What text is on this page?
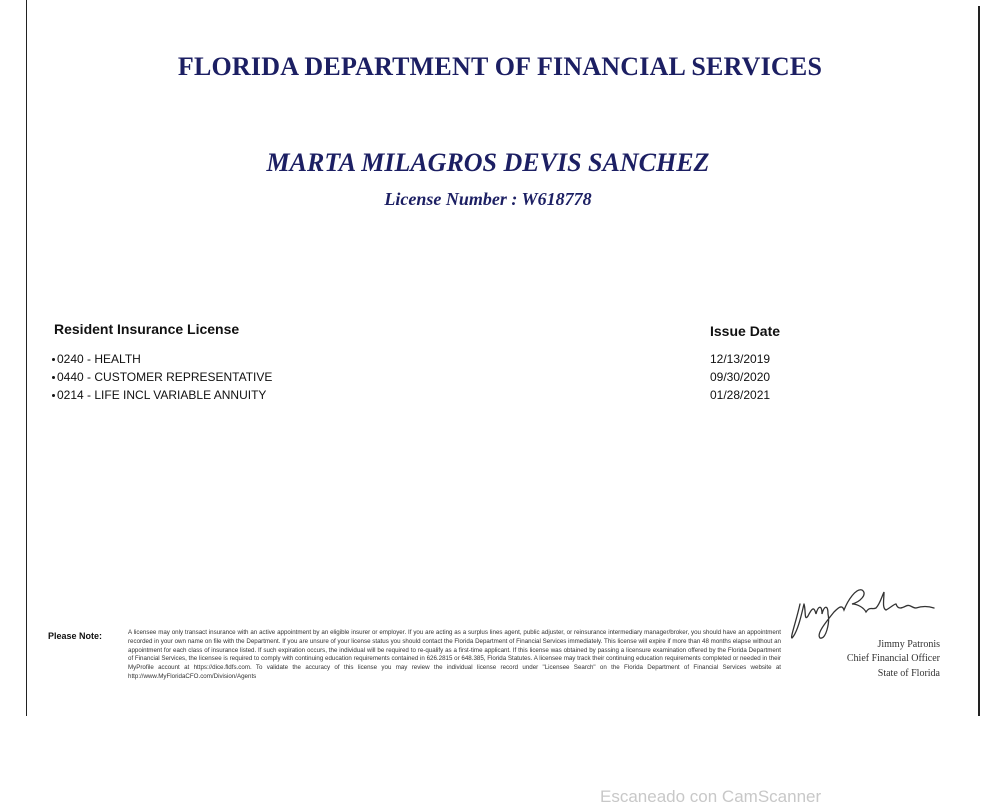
FLORIDA DEPARTMENT OF FINANCIAL SERVICES
MARTA MILAGROS DEVIS SANCHEZ
License Number : W618778
Resident Insurance License	Issue Date
0240 - HEALTH
0440 - CUSTOMER REPRESENTATIVE
0214 - LIFE INCL VARIABLE ANNUITY
12/13/2019
09/30/2020
01/28/2021
Please Note:	A licensee may only transact insurance with an active appointment by an eligible insurer or employer. If you are acting as a surplus lines agent, public adjuster, or reinsurance intermediary manager/broker, you should have an appointment recorded in your own name on file with the Department. If you are unsure of your license status you should contact the Florida Department of Financial Services immediately. This license will expire if more than 48 months elapse without an appointment for each class of insurance listed. If such expiration occurs, the individual will be required to re-qualify as a first-time applicant. If this license was obtained by passing a licensure examination offered by the Florida Department of Financial Services, the licensee is required to comply with continuing education requirements contained in 626.2815 or 648.385, Florida Statutes. A licensee may track their continuing education requirements completed or needed in their MyProfile account at https://dice.fldfs.com. To validate the accuracy of this license you may review the individual license record under "Licensee Search" on the Florida Department of Financial Services website at http://www.MyFloridaCFO.com/Division/Agents
Jimmy Patronis
Chief Financial Officer
State of Florida
Escaneado con CamScanner
